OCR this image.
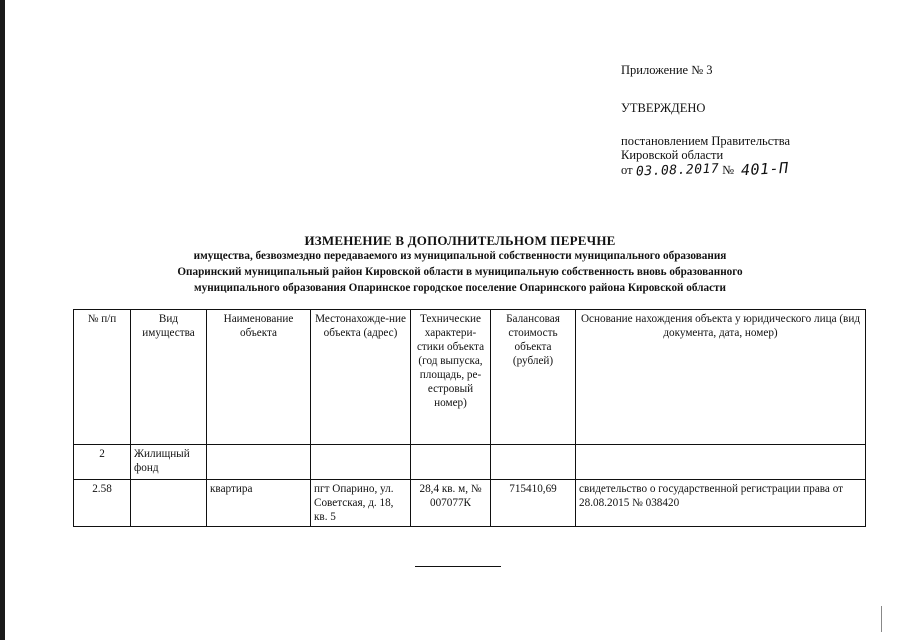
Приложение № 3
УТВЕРЖДЕНО
постановлением Правительства
Кировской области
от 03.08.2017 № 401-П
ИЗМЕНЕНИЕ В ДОПОЛНИТЕЛЬНОМ ПЕРЕЧНЕ
имущества, безвозмездно передаваемого из муниципальной собственности муниципального образования
Опаринский муниципальный район Кировской области в муниципальную собственность вновь образованного
муниципального образования Опаринское городское поселение Опаринского района Кировской области
№ п/п	Вид имущества	Наименование объекта	Местонахожде-ние объекта (адрес)	Технические характери-стики объекта (год выпуска, площадь, ре-естровый номер)	Балансовая стоимость объекта (рублей)	Основание нахождения объекта у юридического лица (вид документа, дата, номер)
2	Жилищный фонд					
2.58		квартира	пгт Опарино, ул. Советская, д. 18, кв. 5	28,4 кв. м, № 007077К	715410,69	свидетельство о государственной регистрации права от 28.08.2015 № 038420
